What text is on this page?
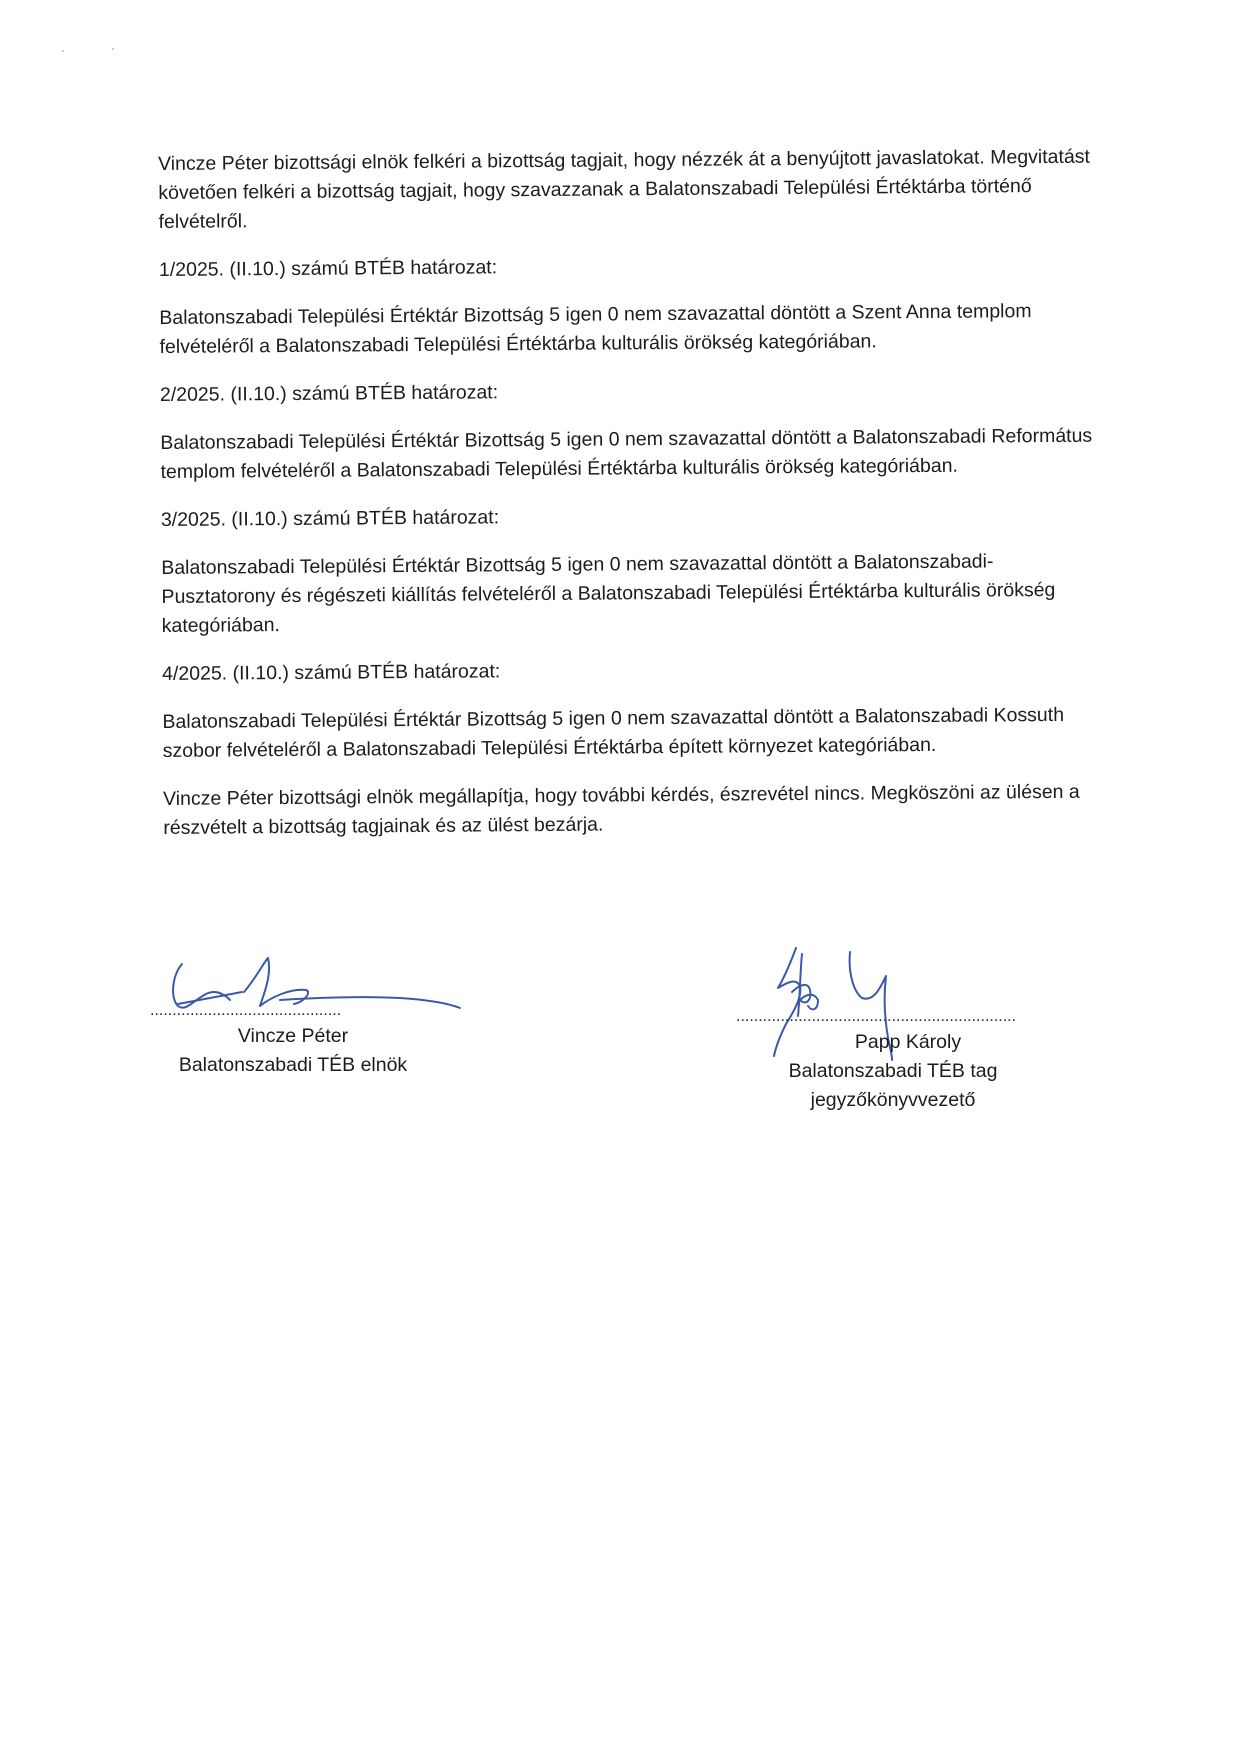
Vincze Péter bizottsági elnök felkéri a bizottság tagjait, hogy nézzék át a benyújtott javaslatokat. Megvitatást követően felkéri a bizottság tagjait, hogy szavazzanak a Balatonszabadi Települési Értéktárba történő felvételről.

1/2025. (II.10.) számú BTÉB határozat:

Balatonszabadi Települési Értéktár Bizottság 5 igen 0 nem szavazattal döntött a Szent Anna templom felvételéről a Balatonszabadi Települési Értéktárba kulturális örökség kategóriában.

2/2025. (II.10.) számú BTÉB határozat:

Balatonszabadi Települési Értéktár Bizottság 5 igen 0 nem szavazattal döntött a Balatonszabadi Református templom felvételéről a Balatonszabadi Települési Értéktárba kulturális örökség kategóriában.

3/2025. (II.10.) számú BTÉB határozat:

Balatonszabadi Települési Értéktár Bizottság 5 igen 0 nem szavazattal döntött a Balatonszabadi-Pusztatorony és régészeti kiállítás felvételéről a Balatonszabadi Települési Értéktárba kulturális örökség kategóriában.

4/2025. (II.10.) számú BTÉB határozat:

Balatonszabadi Települési Értéktár Bizottság 5 igen 0 nem szavazattal döntött a Balatonszabadi Kossuth szobor felvételéről a Balatonszabadi Települési Értéktárba épített környezet kategóriában.

Vincze Péter bizottsági elnök megállapítja, hogy további kérdés, észrevétel nincs. Megköszöni az ülésen a részvételt a bizottság tagjainak és az ülést bezárja.

...........................................
Vincze Péter
Balatonszabadi TÉB elnök
...............................................................
Papp Károly
Balatonszabadi TÉB tag
jegyzőkönyvvezető
